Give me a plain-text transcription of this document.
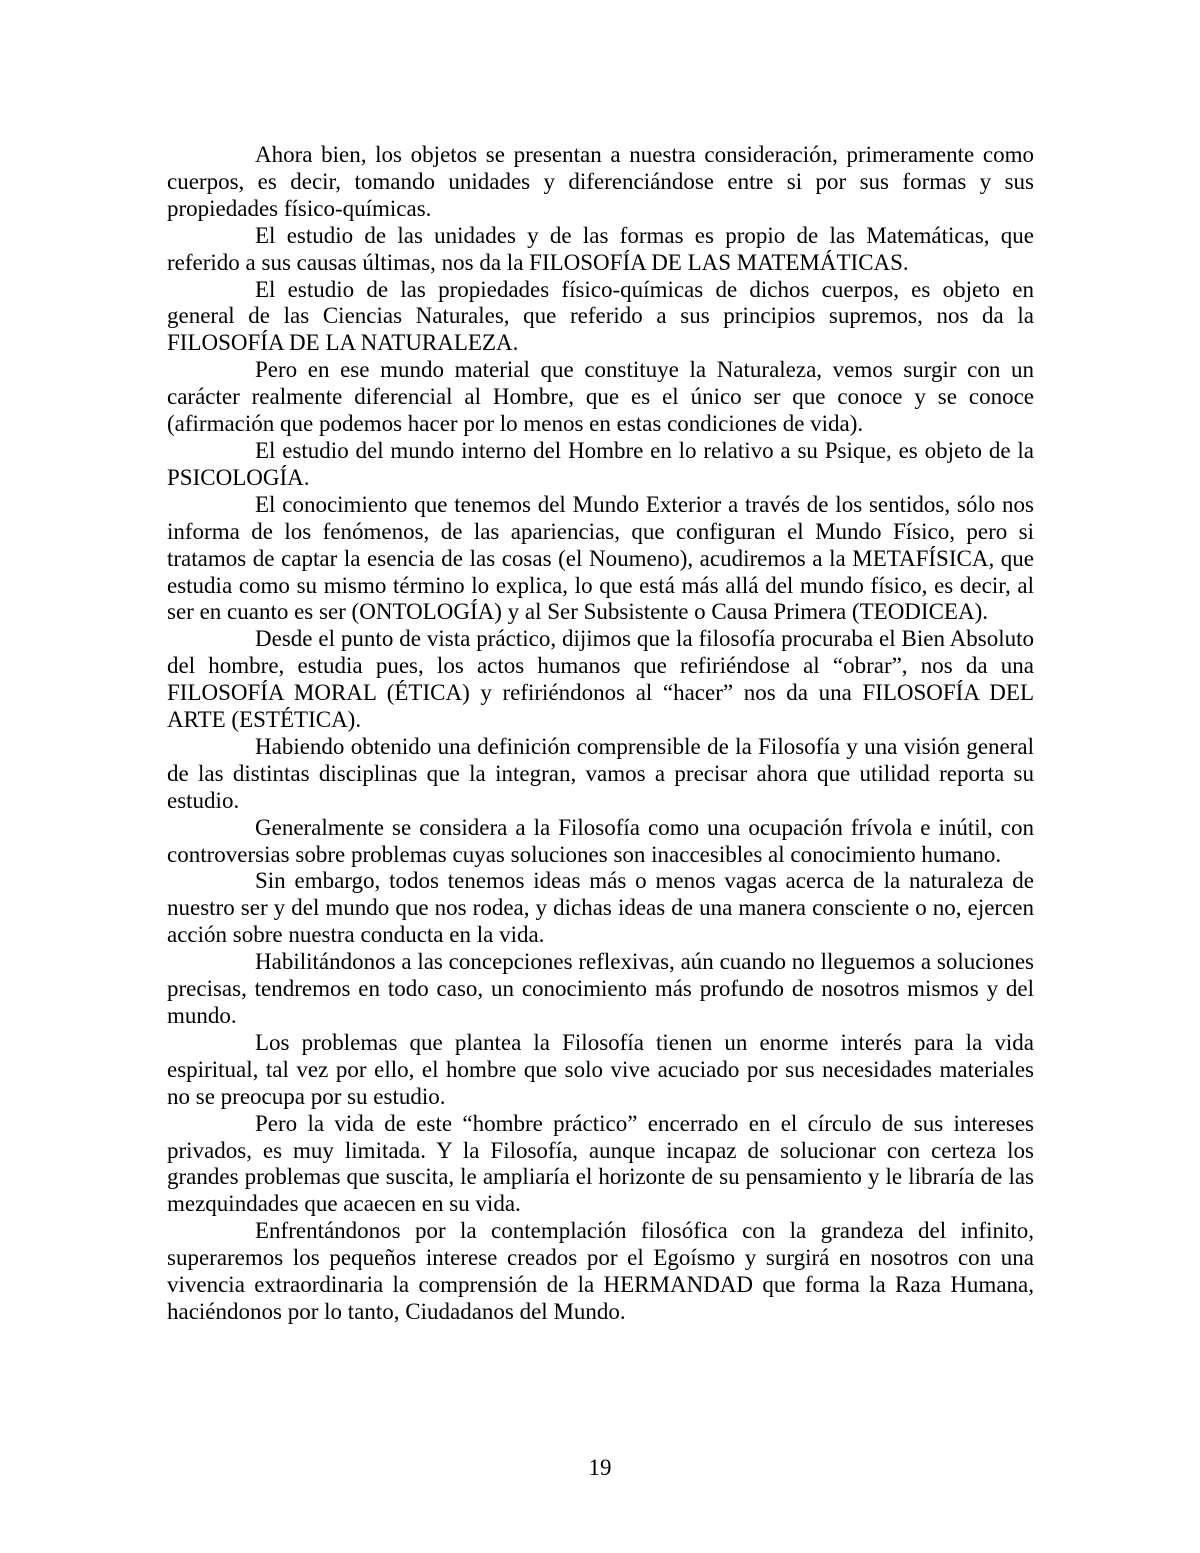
Ahora bien, los objetos se presentan a nuestra consideración, primeramente como cuerpos, es decir, tomando unidades y diferenciándose entre si por sus formas y sus propiedades físico-químicas.

El estudio de las unidades y de las formas es propio de las Matemáticas, que referido a sus causas últimas, nos da la FILOSOFÍA DE LAS MATEMÁTICAS.

El estudio de las propiedades físico-químicas de dichos cuerpos, es objeto en general de las Ciencias Naturales, que referido a sus principios supremos, nos da la FILOSOFÍA DE LA NATURALEZA.

Pero en ese mundo material que constituye la Naturaleza, vemos surgir con un carácter realmente diferencial al Hombre, que es el único ser que conoce y se conoce (afirmación que podemos hacer por lo menos en estas condiciones de vida).

El estudio del mundo interno del Hombre en lo relativo a su Psique, es objeto de la PSICOLOGÍA.

El conocimiento que tenemos del Mundo Exterior a través de los sentidos, sólo nos informa de los fenómenos, de las apariencias, que configuran el Mundo Físico, pero si tratamos de captar la esencia de las cosas (el Noumeno), acudiremos a la METAFÍSICA, que estudia como su mismo término lo explica, lo que está más allá del mundo físico, es decir, al ser en cuanto es ser (ONTOLOGÍA) y al Ser Subsistente o Causa Primera (TEODICEA).

Desde el punto de vista práctico, dijimos que la filosofía procuraba el Bien Absoluto del hombre, estudia pues, los actos humanos que refiriéndose al “obrar”, nos da una FILOSOFÍA MORAL (ÉTICA) y refiriéndonos al “hacer” nos da una FILOSOFÍA DEL ARTE (ESTÉTICA).

Habiendo obtenido una definición comprensible de la Filosofía y una visión general de las distintas disciplinas que la integran, vamos a precisar ahora que utilidad reporta su estudio.

Generalmente se considera a la Filosofía como una ocupación frívola e inútil, con controversias sobre problemas cuyas soluciones son inaccesibles al conocimiento humano.

Sin embargo, todos tenemos ideas más o menos vagas acerca de la naturaleza de nuestro ser y del mundo que nos rodea, y dichas ideas de una manera consciente o no, ejercen acción sobre nuestra conducta en la vida.

Habilitándonos a las concepciones reflexivas, aún cuando no lleguemos a soluciones precisas, tendremos en todo caso, un conocimiento más profundo de nosotros mismos y del mundo.

Los problemas que plantea la Filosofía tienen un enorme interés para la vida espiritual, tal vez por ello, el hombre que solo vive acuciado por sus necesidades materiales no se preocupa por su estudio.

Pero la vida de este “hombre práctico” encerrado en el círculo de sus intereses privados, es muy limitada. Y la Filosofía, aunque incapaz de solucionar con certeza los grandes problemas que suscita, le ampliaría el horizonte de su pensamiento y le libraría de las mezquindades que acaecen en su vida.

Enfrentándonos por la contemplación filosófica con la grandeza del infinito, superaremos los pequeños interese creados por el Egoísmo y surgirá en nosotros con una vivencia extraordinaria la comprensión de la HERMANDAD que forma la Raza Humana, haciéndonos por lo tanto, Ciudadanos del Mundo.

19
